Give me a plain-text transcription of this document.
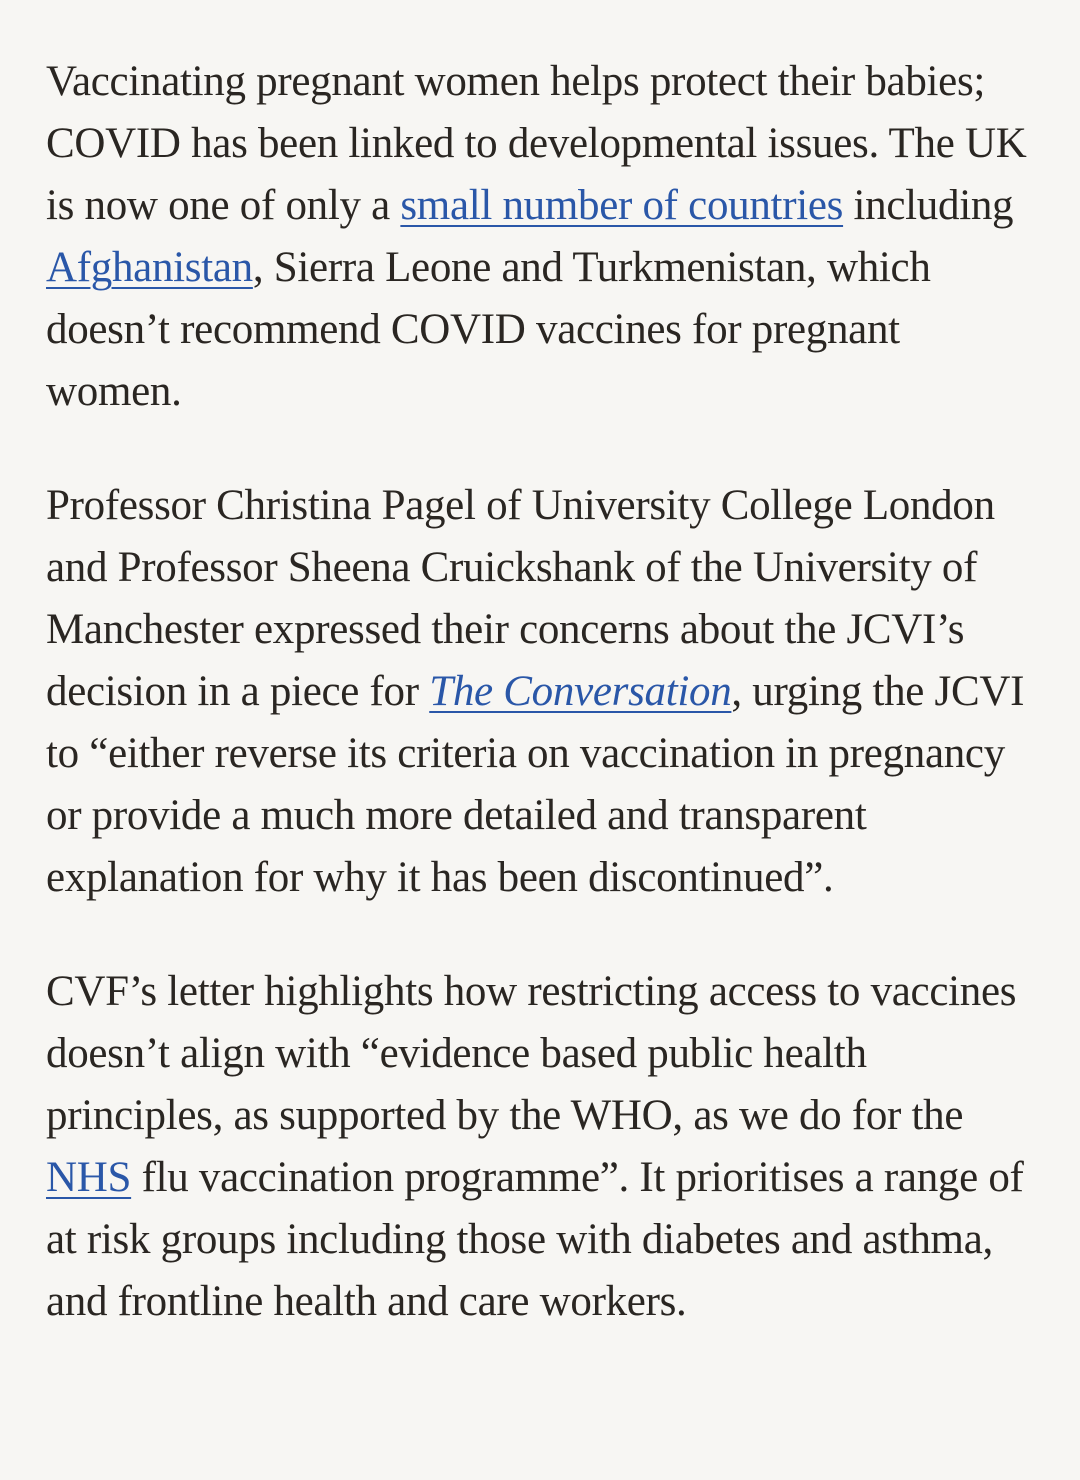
Vaccinating pregnant women helps protect their babies; COVID has been linked to developmental issues. The UK is now one of only a small number of countries including Afghanistan, Sierra Leone and Turkmenistan, which doesn’t recommend COVID vaccines for pregnant women.

Professor Christina Pagel of University College London and Professor Sheena Cruickshank of the University of Manchester expressed their concerns about the JCVI’s decision in a piece for The Conversation, urging the JCVI to “either reverse its criteria on vaccination in pregnancy or provide a much more detailed and transparent explanation for why it has been discontinued”.

CVF’s letter highlights how restricting access to vaccines doesn’t align with “evidence based public health principles, as supported by the WHO, as we do for the NHS flu vaccination programme”. It prioritises a range of at risk groups including those with diabetes and asthma, and frontline health and care workers.
